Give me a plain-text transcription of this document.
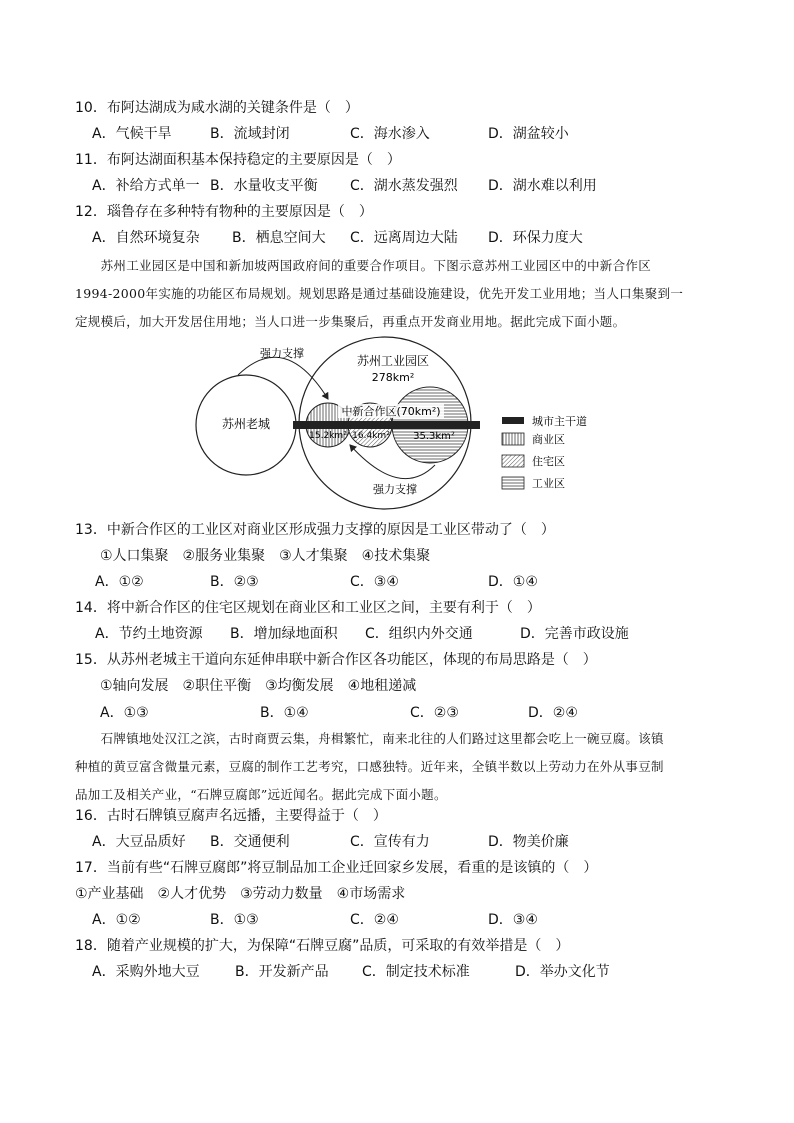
10．布阿达湖成为咸水湖的关键条件是（　）
A．气候干旱	B．流域封闭	C．海水渗入	D．湖盆较小
11．布阿达湖面积基本保持稳定的主要原因是（　）
A．补给方式单一 B．水量收支平衡 C．湖水蒸发强烈 D．湖水难以利用
12．瑙鲁存在多种特有物种的主要原因是（　）
A．自然环境复杂 B．栖息空间大 C．远离周边大陆 D．环保力度大

　　苏州工业园区是中国和新加坡两国政府间的重要合作项目。下图示意苏州工业园区中的中新合作区

1994-2000年实施的功能区布局规划。规划思路是通过基础设施建设，优先开发工业用地；当人口集聚到一

定规模后，加大开发居住用地；当人口进一步集聚后，再重点开发商业用地。据此完成下面小题。

苏州老城
苏州工业园区
278km²
中新合作区(70km²)
15.2km² 16.4km² 35.3km²
强力支撑
强力支撑
城市主干道
商业区
住宅区
工业区
13．中新合作区的工业区对商业区形成强力支撑的原因是工业区带动了（　）
①人口集聚　②服务业集聚　③人才集聚　④技术集聚
A．①②	B．②③	C．③④	D．①④
14．将中新合作区的住宅区规划在商业区和工业区之间，主要有利于（　）
A．节约土地资源 B．增加绿地面积 C．组织内外交通	D．完善市政设施
15．从苏州老城主干道向东延伸串联中新合作区各功能区，体现的布局思路是（　）
①轴向发展　②职住平衡　③均衡发展　④地租递减
A．①③	B．①④	C．②③	D．②④

　　石牌镇地处汉江之滨，古时商贾云集，舟楫繁忙，南来北往的人们路过这里都会吃上一碗豆腐。该镇

种植的黄豆富含微量元素，豆腐的制作工艺考究，口感独特。近年来，全镇半数以上劳动力在外从事豆制

品加工及相关产业，“石牌豆腐郎”远近闻名。据此完成下面小题。

16．古时石牌镇豆腐声名远播，主要得益于（　）
A．大豆品质好 B．交通便利	C．宣传有力	D．物美价廉
17．当前有些“石牌豆腐郎”将豆制品加工企业迁回家乡发展，看重的是该镇的（　）
①产业基础　②人才优势　③劳动力数量　④市场需求
A．①②	B．①③	C．②④	D．③④
18．随着产业规模的扩大，为保障“石牌豆腐”品质，可采取的有效举措是（　）
A．采购外地大豆	B．开发新产品 C．制定技术标准	D．举办文化节
